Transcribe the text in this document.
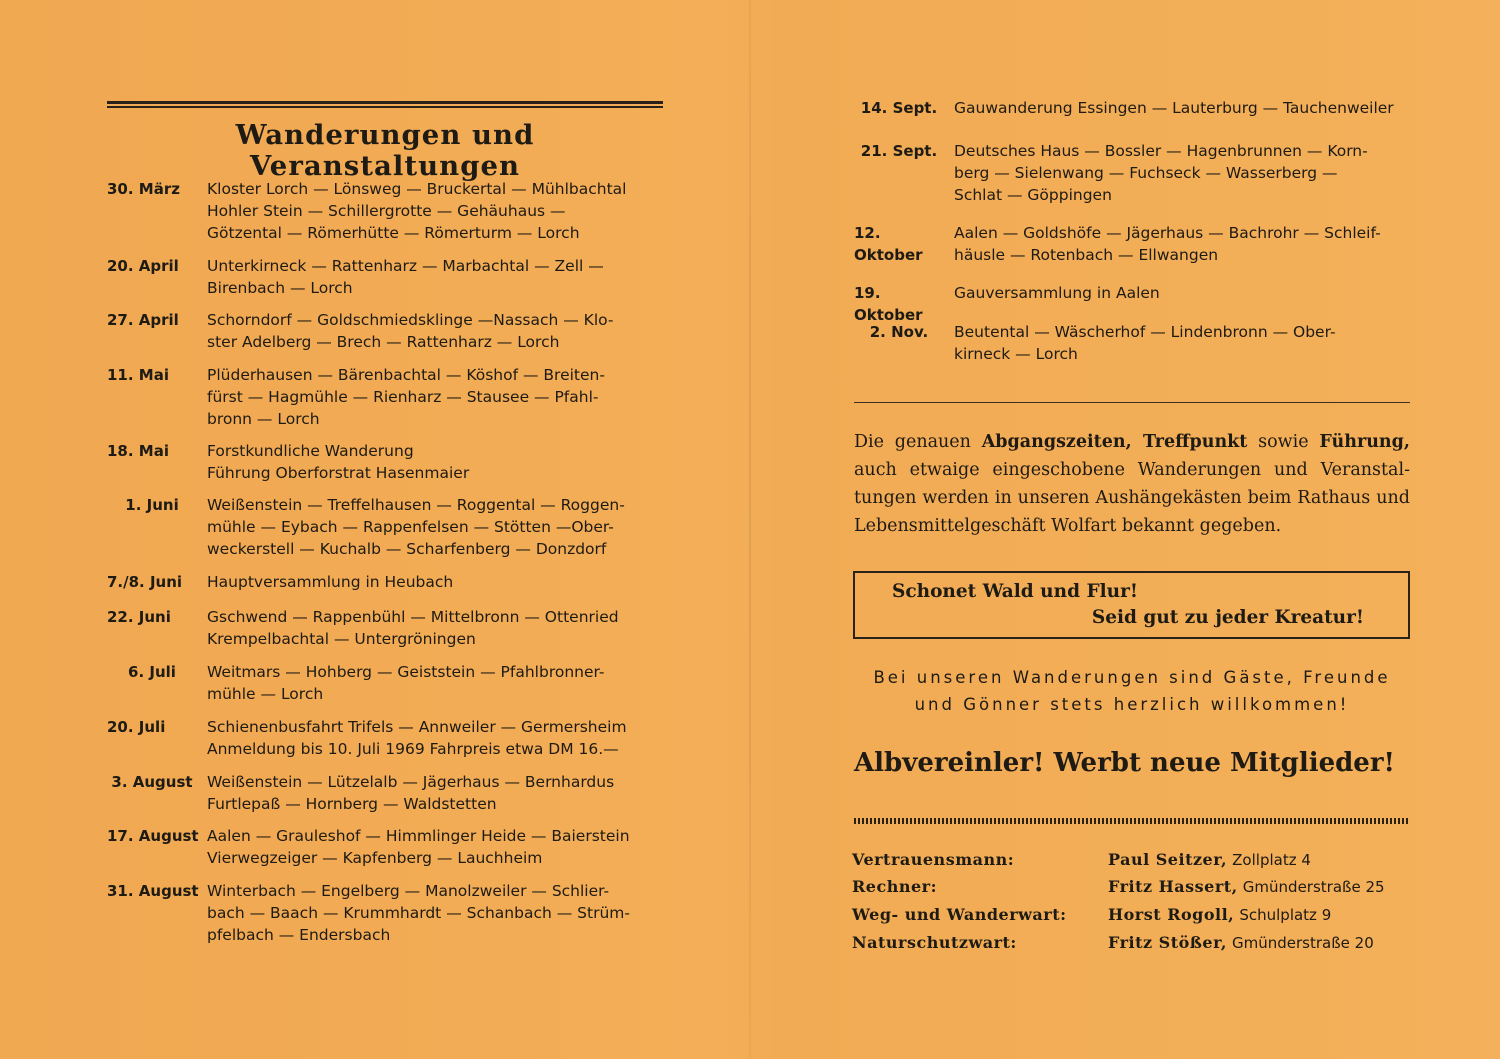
Wanderungen und Veranstaltungen
30. März	Kloster Lorch — Lönsweg — Bruckertal — Mühlbachtal
Hohler Stein — Schillergrotte — Gehäuhaus —
Götzental — Römerhütte — Römerturm — Lorch
20. April	Unterkirneck — Rattenharz — Marbachtal — Zell —
Birenbach — Lorch
27. April	Schorndorf — Goldschmiedsklinge —Nassach — Klo-
ster Adelberg — Brech — Rattenharz — Lorch
11. Mai	Plüderhausen — Bärenbachtal — Köshof — Breiten-
fürst — Hagmühle — Rienharz — Stausee — Pfahl-
bronn — Lorch
18. Mai	Forstkundliche Wanderung
Führung Oberforstrat Hasenmaier
1. Juni	Weißenstein — Treffelhausen — Roggental — Roggen-
mühle — Eybach — Rappenfelsen — Stötten —Ober-
weckerstell — Kuchalb — Scharfenberg — Donzdorf
7./8. Juni	Hauptversammlung in Heubach
22. Juni	Gschwend — Rappenbühl — Mittelbronn — Ottenried
Krempelbachtal — Untergröningen
6. Juli	Weitmars — Hohberg — Geiststein — Pfahlbronner-
mühle — Lorch
20. Juli	Schienenbusfahrt Trifels — Annweiler — Germersheim
Anmeldung bis 10. Juli 1969 Fahrpreis etwa DM 16.—
3. August Weißenstein — Lützelalb — Jägerhaus — Bernhardus
Furtlepaß — Hornberg — Waldstetten
17. August Aalen — Grauleshof — Himmlinger Heide — Baierstein
Vierwegzeiger — Kapfenberg — Lauchheim
31. August Winterbach — Engelberg — Manolzweiler — Schlier-
bach — Baach — Krummhardt — Schanbach — Strüm-
pfelbach — Endersbach
14. Sept.	Gauwanderung Essingen — Lauterburg — Tauchenweiler
21. Sept.	Deutsches Haus — Bossler — Hagenbrunnen — Korn-
berg — Sielenwang — Fuchseck — Wasserberg —
Schlat — Göppingen
12. Oktober
Aalen — Goldshöfe — Jägerhaus — Bachrohr — Schleif-
häusle — Rotenbach — Ellwangen
19. Oktober
Gauversammlung in Aalen
2. Nov.	Beutental — Wäscherhof — Lindenbronn — Ober-
kirneck — Lorch
Die genauen Abgangszeiten, Treffpunkt sowie Führung, auch etwaige eingeschobene Wanderungen und Veranstal- tungen werden in unseren Aushängekästen beim Rathaus und Lebensmittelgeschäft Wolfart bekannt gegeben.
Schonet Wald und Flur!
Seid gut zu jeder Kreatur!
Bei unseren Wanderungen sind Gäste, Freunde
und Gönner stets herzlich willkommen!
Albvereinler! Werbt neue Mitglieder!
Vertrauensmann:	Paul Seitzer, Zollplatz 4
Rechner:	Fritz Hassert, Gmünderstraße 25
Weg- und Wanderwart:	Horst Rogoll, Schulplatz 9
Naturschutzwart:	Fritz Stößer, Gmünderstraße 20
